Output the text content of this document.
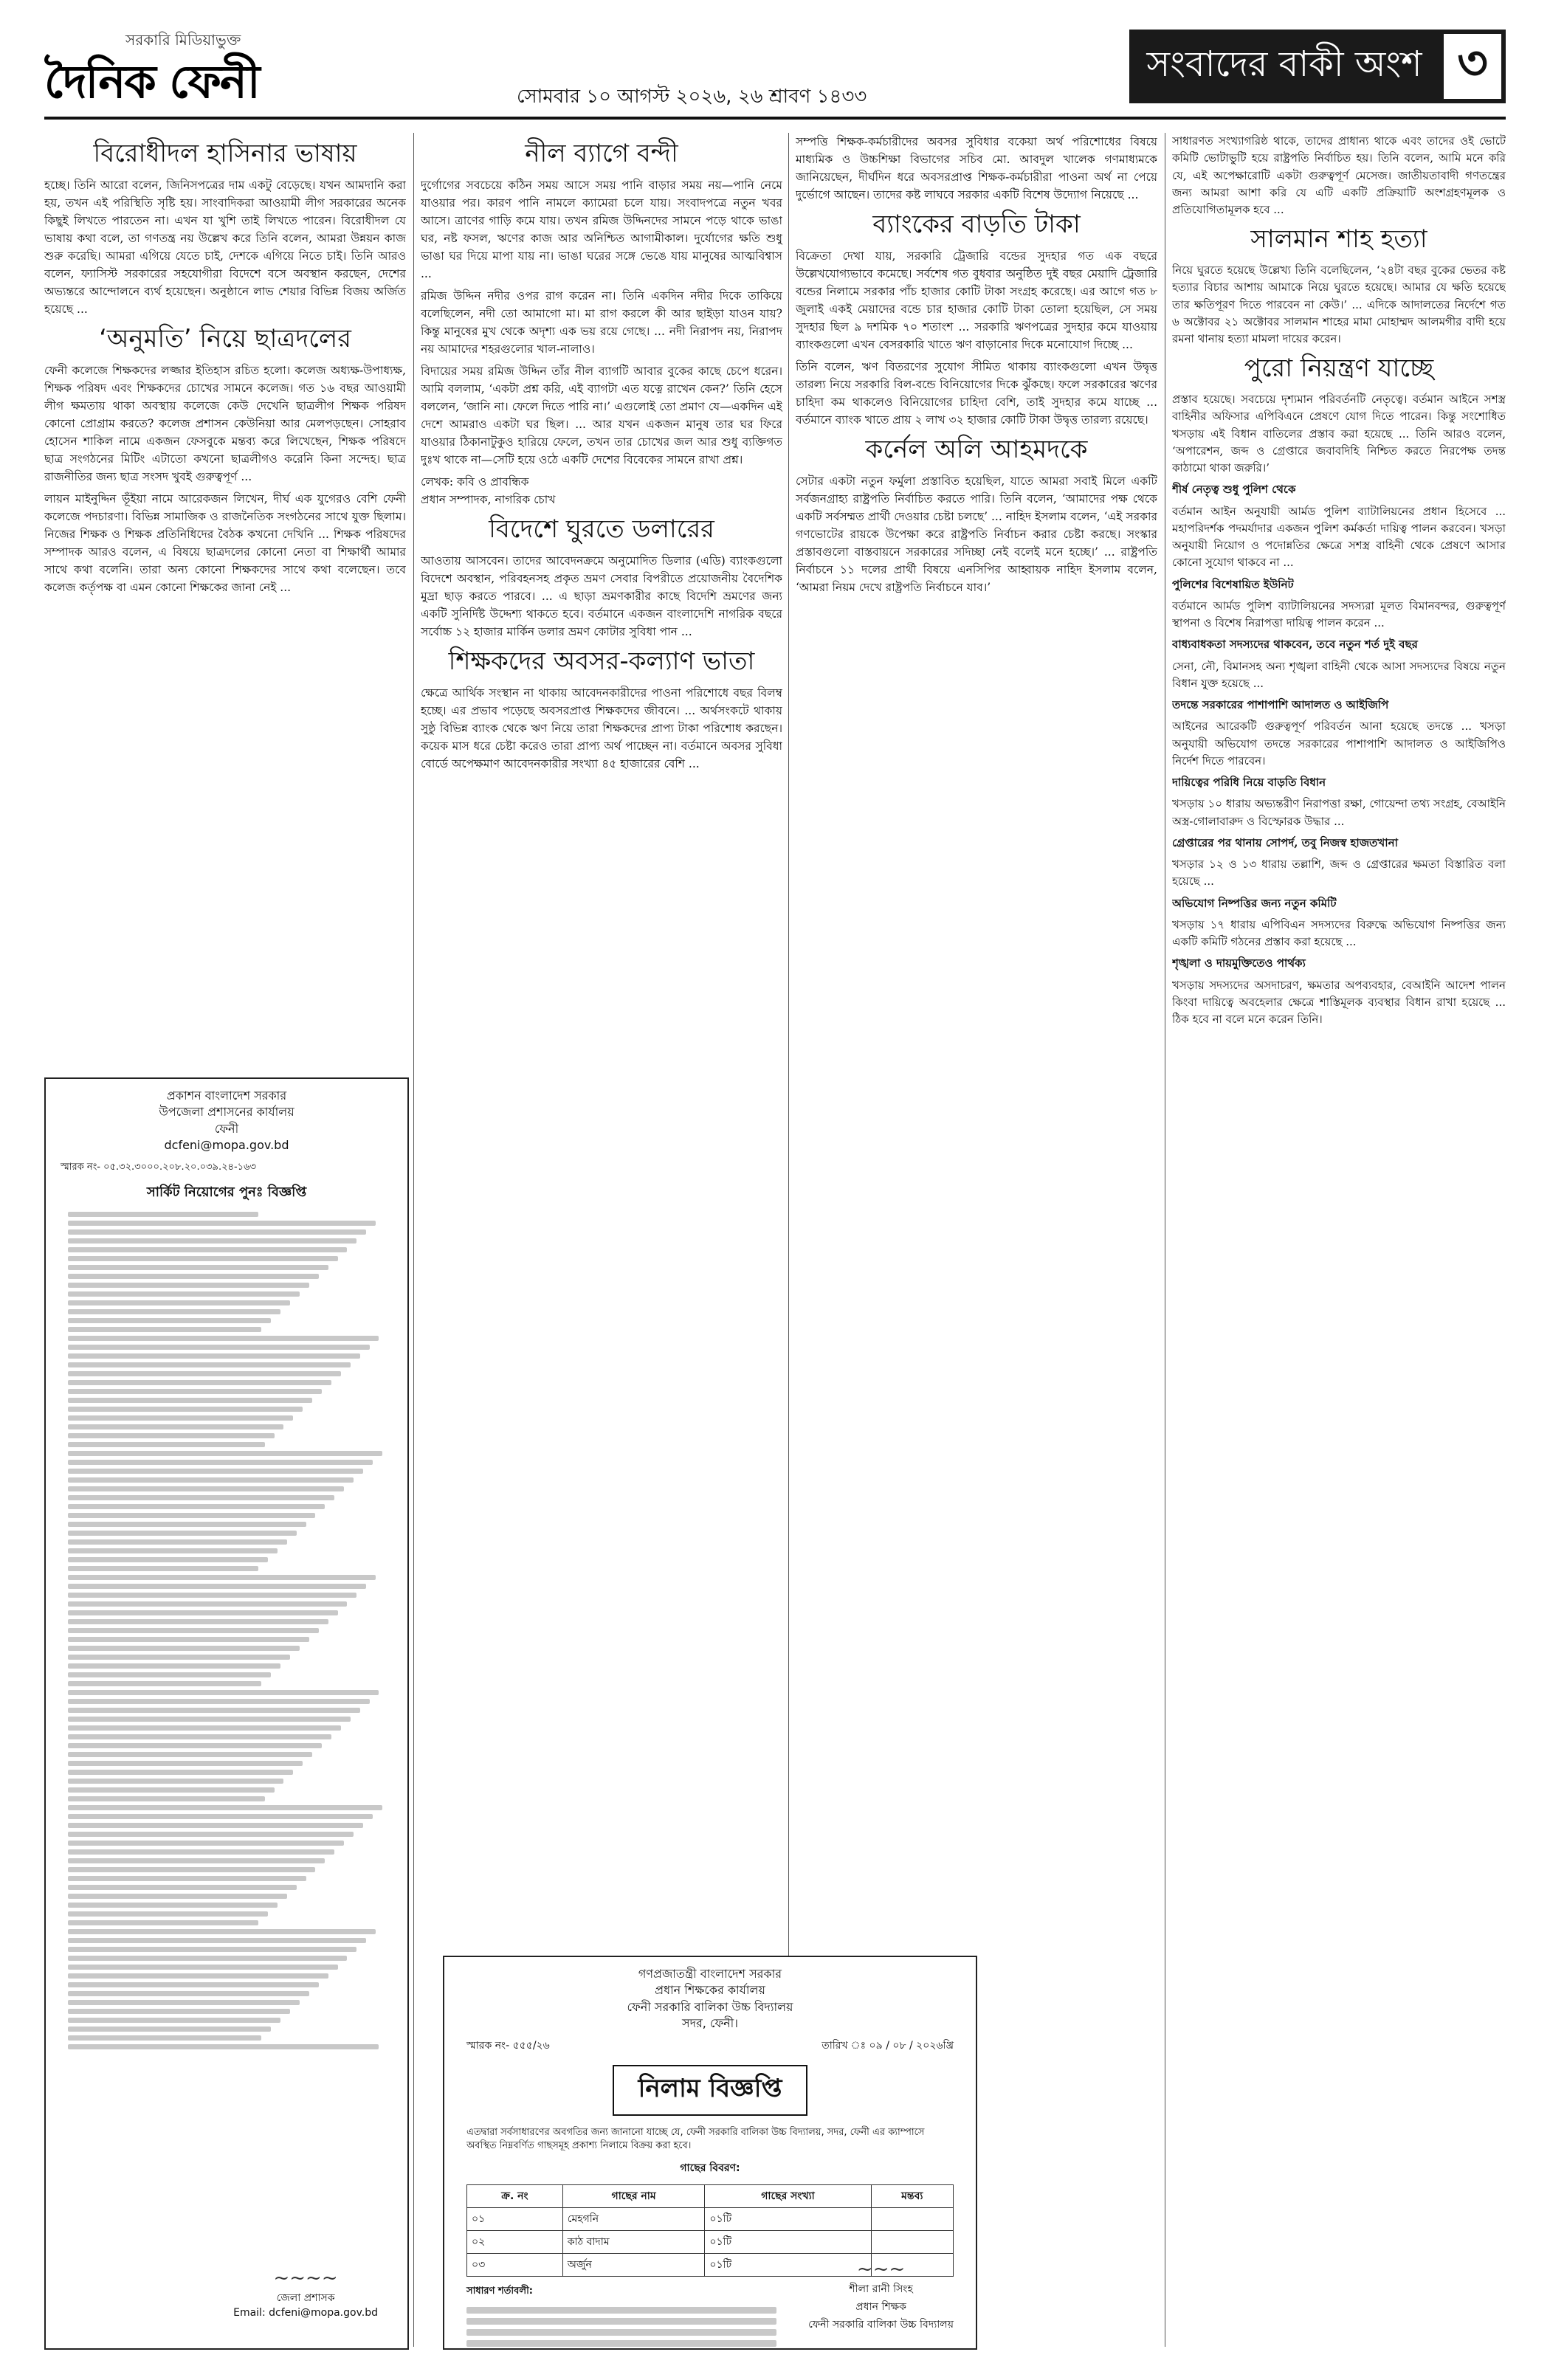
সরকারি মিডিয়াভুক্ত
দৈনিক ফেনী	সোমবার ১০ আগস্ট ২০২৬, ২৬ শ্রাবণ ১৪৩৩
সংবাদের বাকী অংশ ৩
বিরোধীদল হাসিনার ভাষায়

হচ্ছে। তিনি আরো বলেন, জিনিসপত্রের দাম একটু বেড়েছে। যখন আমদানি করা হয়, তখন এই পরিস্থিতি সৃষ্টি হয়। সাংবাদিকরা আওয়ামী লীগ সরকারের অনেক কিছুই লিখতে পারতেন না। এখন যা খুশি তাই লিখতে পারেন। বিরোধীদল যে ভাষায় কথা বলে, তা গণতন্ত্র নয় উল্লেখ করে তিনি বলেন, আমরা উন্নয়ন কাজ শুরু করেছি। আমরা এগিয়ে যেতে চাই, দেশকে এগিয়ে নিতে চাই। তিনি আরও বলেন, ফ্যাসিস্ট সরকারের সহযোগীরা বিদেশে বসে অবস্থান করছেন, দেশের অভ্যন্তরে আন্দোলনে ব্যর্থ হয়েছেন। অনুষ্ঠানে লাভ শেয়ার বিভিন্ন বিজয় অর্জিত হয়েছে ...

‘অনুমতি’ নিয়ে ছাত্রদলের

ফেনী কলেজে শিক্ষকদের লজ্জার ইতিহাস রচিত হলো। কলেজ অধ্যক্ষ-উপাধ্যক্ষ, শিক্ষক পরিষদ এবং শিক্ষকদের চোখের সামনে কলেজ। গত ১৬ বছর আওয়ামী লীগ ক্ষমতায় থাকা অবস্থায় কলেজে কেউ দেখেনি ছাত্রলীগ শিক্ষক পরিষদ কোনো প্রোগ্রাম করতে? কলেজ প্রশাসন কেউনিয়া আর মেলপড়ছেন। সোহরাব হোসেন শাকিল নামে একজন ফেসবুকে মন্তব্য করে লিখেছেন, শিক্ষক পরিষদে ছাত্র সংগঠনের মিটিং এটাতো কখনো ছাত্রলীগও করেনি কিনা সন্দেহ। ছাত্র রাজনীতির জন্য ছাত্র সংসদ খুবই গুরুত্বপূর্ণ ...

লায়ন মাইনুদ্দিন ভূঁইয়া নামে আরেকজন লিখেন, দীর্ঘ এক যুগেরও বেশি ফেনী কলেজে পদচারণা। বিভিন্ন সামাজিক ও রাজনৈতিক সংগঠনের সাথে যুক্ত ছিলাম। নিজের শিক্ষক ও শিক্ষক প্রতিনিধিদের বৈঠক কখনো দেখিনি ... শিক্ষক পরিষদের সম্পাদক আরও বলেন, এ বিষয়ে ছাত্রদলের কোনো নেতা বা শিক্ষার্থী আমার সাথে কথা বলেনি। তারা অন্য কোনো শিক্ষকদের সাথে কথা বলেছেন। তবে কলেজ কর্তৃপক্ষ বা এমন কোনো শিক্ষকের জানা নেই ...

প্রকাশন বাংলাদেশ সরকার
উপজেলা প্রশাসনের কার্যালয়
ফেনী
dcfeni@mopa.gov.bd
স্মারক নং- ০৫.৩২.৩০০০.২০৮.২০.০৩৯.২৪-১৬৩
সার্কিট নিয়োগের পুনঃ বিজ্ঞপ্তি
~~~~
জেলা প্রশাসক
Email: dcfeni@mopa.gov.bd
নীল ব্যাগে বন্দী

দুর্গোগের সবচেয়ে কঠিন সময় আসে সময় পানি বাড়ার সময় নয়—পানি নেমে যাওয়ার পর। কারণ পানি নামলে ক্যামেরা চলে যায়। সংবাদপত্রে নতুন খবর আসে। ত্রাণের গাড়ি কমে যায়। তখন রমিজ উদ্দিনদের সামনে পড়ে থাকে ভাঙা ঘর, নষ্ট ফসল, ঋণের কাজ আর অনিশ্চিত আগামীকাল। দুর্যোগের ক্ষতি শুধু ভাঙা ঘর দিয়ে মাপা যায় না। ভাঙা ঘরের সঙ্গে ভেঙে যায় মানুষের আত্মবিশ্বাস ...

রমিজ উদ্দিন নদীর ওপর রাগ করেন না। তিনি একদিন নদীর দিকে তাকিয়ে বলেছিলেন, নদী তো আমাগো মা। মা রাগ করলে কী আর ছাইড়া যাওন যায়? কিন্তু মানুষের মুখ থেকে অদৃশ্য এক ভয় রয়ে গেছে। ... নদী নিরাপদ নয়, নিরাপদ নয় আমাদের শহরগুলোর খাল-নালাও।

বিদায়ের সময় রমিজ উদ্দিন তাঁর নীল ব্যাগটি আবার বুকের কাছে চেপে ধরেন। আমি বললাম, ‘একটা প্রশ্ন করি, এই ব্যাগটা এত যত্নে রাখেন কেন?’ তিনি হেসে বললেন, ‘জানি না। ফেলে দিতে পারি না।’ এগুলোই তো প্রমাণ যে—একদিন এই দেশে আমরাও একটা ঘর ছিল। ... আর যখন একজন মানুষ তার ঘর ফিরে যাওয়ার ঠিকানাটুকুও হারিয়ে ফেলে, তখন তার চোখের জল আর শুধু ব্যক্তিগত দুঃখ থাকে না—সেটি হয়ে ওঠে একটি দেশের বিবেকের সামনে রাখা প্রশ্ন।

লেখক: কবি ও প্রাবন্ধিক
প্রধান সম্পাদক, নাগরিক চোখ

বিদেশে ঘুরতে ডলারের

আওতায় আসবেন। তাদের আবেদনক্রমে অনুমোদিত ডিলার (এডি) ব্যাংকগুলো বিদেশে অবস্থান, পরিবহনসহ প্রকৃত ভ্রমণ সেবার বিপরীতে প্রয়োজনীয় বৈদেশিক মুদ্রা ছাড় করতে পারবে। ... এ ছাড়া ভ্রমণকারীর কাছে বিদেশি ভ্রমণের জন্য একটি সুনির্দিষ্ট উদ্দেশ্য থাকতে হবে। বর্তমানে একজন বাংলাদেশি নাগরিক বছরে সর্বোচ্চ ১২ হাজার মার্কিন ডলার ভ্রমণ কোটার সুবিধা পান ...

শিক্ষকদের অবসর-কল্যাণ ভাতা

ক্ষেত্রে আর্থিক সংস্থান না থাকায় আবেদনকারীদের পাওনা পরিশোধে বছর বিলম্ব হচ্ছে। এর প্রভাব পড়েছে অবসরপ্রাপ্ত শিক্ষকদের জীবনে। ... অর্থসংকটে থাকায় সুষ্ঠু বিভিন্ন ব্যাংক থেকে ঋণ নিয়ে তারা শিক্ষকদের প্রাপ্য টাকা পরিশোধ করছেন। কয়েক মাস ধরে চেষ্টা করেও তারা প্রাপ্য অর্থ পাচ্ছেন না। বর্তমানে অবসর সুবিধা বোর্ডে অপেক্ষমাণ আবেদনকারীর সংখ্যা ৪৫ হাজারের বেশি ...

সম্পত্তি শিক্ষক-কর্মচারীদের অবসর সুবিধার বকেয়া অর্থ পরিশোধের বিষয়ে মাধ্যমিক ও উচ্চশিক্ষা বিভাগের সচিব মো. আবদুল খালেক গণমাধ্যমকে জানিয়েছেন, দীর্ঘদিন ধরে অবসরপ্রাপ্ত শিক্ষক-কর্মচারীরা পাওনা অর্থ না পেয়ে দুর্ভোগে আছেন। তাদের কষ্ট লাঘবে সরকার একটি বিশেষ উদ্যোগ নিয়েছে ...

ব্যাংকের বাড়তি টাকা

বিক্রেতা দেখা যায়, সরকারি ট্রেজারি বন্ডের সুদহার গত এক বছরে উল্লেখযোগ্যভাবে কমেছে। সর্বশেষ গত বুধবার অনুষ্ঠিত দুই বছর মেয়াদি ট্রেজারি বন্ডের নিলামে সরকার পাঁচ হাজার কোটি টাকা সংগ্রহ করেছে। এর আগে গত ৮ জুলাই একই মেয়াদের বন্ডে চার হাজার কোটি টাকা তোলা হয়েছিল, সে সময় সুদহার ছিল ৯ দশমিক ৭০ শতাংশ ... সরকারি ঋণপত্রের সুদহার কমে যাওয়ায় ব্যাংকগুলো এখন বেসরকারি খাতে ঋণ বাড়ানোর দিকে মনোযোগ দিচ্ছে ...

তিনি বলেন, ঋণ বিতরণের সুযোগ সীমিত থাকায় ব্যাংকগুলো এখন উদ্বৃত্ত তারল্য নিয়ে সরকারি বিল-বন্ডে বিনিয়োগের দিকে ঝুঁকছে। ফলে সরকারের ঋণের চাহিদা কম থাকলেও বিনিয়োগের চাহিদা বেশি, তাই সুদহার কমে যাচ্ছে ... বর্তমানে ব্যাংক খাতে প্রায় ২ লাখ ৩২ হাজার কোটি টাকা উদ্বৃত্ত তারল্য রয়েছে।

কর্নেল অলি আহমদকে

সেটার একটা নতুন ফর্মুলা প্রস্তাবিত হয়েছিল, যাতে আমরা সবাই মিলে একটি সর্বজনগ্রাহ্য রাষ্ট্রপতি নির্বাচিত করতে পারি। তিনি বলেন, ‘আমাদের পক্ষ থেকে একটি সর্বসম্মত প্রার্থী দেওয়ার চেষ্টা চলছে’ ... নাহিদ ইসলাম বলেন, ‘এই সরকার গণভোটের রায়কে উপেক্ষা করে রাষ্ট্রপতি নির্বাচন করার চেষ্টা করছে। সংস্কার প্রস্তাবগুলো বাস্তবায়নে সরকারের সদিচ্ছা নেই বলেই মনে হচ্ছে।’ ... রাষ্ট্রপতি নির্বাচনে ১১ দলের প্রার্থী বিষয়ে এনসিপির আহ্বায়ক নাহিদ ইসলাম বলেন, ‘আমরা নিয়ম দেখে রাষ্ট্রপতি নির্বাচনে যাব।’

গণপ্রজাতন্ত্রী বাংলাদেশ সরকার
প্রধান শিক্ষকের কার্যালয়
ফেনী সরকারি বালিকা উচ্চ বিদ্যালয়
সদর, ফেনী।
স্মারক নং- ৫৫৫/২৬	তারিখ ঃ ০৯ / ০৮ / ২০২৬খ্রি
নিলাম বিজ্ঞপ্তি
এতদ্বারা সর্বসাধারণের অবগতির জন্য জানানো যাচ্ছে যে, ফেনী সরকারি বালিকা উচ্চ বিদ্যালয়, সদর, ফেনী এর ক্যাম্পাসে অবস্থিত নিম্নবর্ণিত গাছসমূহ প্রকাশ্য নিলামে বিক্রয় করা হবে।
গাছের বিবরণ:
ক্র. নং	গাছের নাম	গাছের সংখ্যা	মন্তব্য
০১	মেহগনি	০১টি	
০২	কাঠ বাদাম	০১টি	
০৩	অর্জুন	০১টি	
সাধারণ শর্তাবলী:
~~~
শীলা রানী সিংহ
প্রধান শিক্ষক
ফেনী সরকারি বালিকা উচ্চ বিদ্যালয়

সাধারণত সংখ্যাগরিষ্ঠ থাকে, তাদের প্রাধান্য থাকে এবং তাদের ওই ভোটে কমিটি ভোটাভুটি হয়ে রাষ্ট্রপতি নির্বাচিত হয়। তিনি বলেন, আমি মনে করি যে, এই অপেক্ষারোটি একটা গুরুত্বপূর্ণ মেসেজ। জাতীয়তাবাদী গণতন্ত্রের জন্য আমরা আশা করি যে এটি একটি প্রক্রিয়াটি অংশগ্রহণমূলক ও প্রতিযোগিতামূলক হবে ...

সালমান শাহ হত্যা

নিয়ে ঘুরতে হয়েছে উল্লেখ্য তিনি বলেছিলেন, ‘২৪টা বছর বুকের ভেতর কষ্ট হত্যার বিচার আশায় আমাকে নিয়ে ঘুরতে হয়েছে। আমার যে ক্ষতি হয়েছে তার ক্ষতিপূরণ দিতে পারবেন না কেউ।’ ... এদিকে আদালতের নির্দেশে গত ৬ অক্টোবর ২১ অক্টোবর সালমান শাহের মামা মোহাম্মদ আলমগীর বাদী হয়ে রমনা থানায় হত্যা মামলা দায়ের করেন।

পুরো নিয়ন্ত্রণ যাচ্ছে

প্রস্তাব হয়েছে। সবচেয়ে দৃশ্যমান পরিবর্তনটি নেতৃত্বে। বর্তমান আইনে সশস্ত্র বাহিনীর অফিসার এপিবিএনে প্রেষণে যোগ দিতে পারেন। কিন্তু সংশোধিত খসড়ায় এই বিধান বাতিলের প্রস্তাব করা হয়েছে ... তিনি আরও বলেন, ‘অপারেশন, জব্দ ও গ্রেপ্তারে জবাবদিহি নিশ্চিত করতে নিরপেক্ষ তদন্ত কাঠামো থাকা জরুরি।’

শীর্ষ নেতৃত্ব শুধু পুলিশ থেকে

বর্তমান আইন অনুযায়ী আর্মড পুলিশ ব্যাটালিয়নের প্রধান হিসেবে ... মহাপরিদর্শক পদমর্যাদার একজন পুলিশ কর্মকর্তা দায়িত্ব পালন করবেন। খসড়া অনুযায়ী নিয়োগ ও পদোন্নতির ক্ষেত্রে সশস্ত্র বাহিনী থেকে প্রেষণে আসার কোনো সুযোগ থাকবে না ...

পুলিশের বিশেষায়িত ইউনিট

বর্তমানে আর্মড পুলিশ ব্যাটালিয়নের সদস্যরা মূলত বিমানবন্দর, গুরুত্বপূর্ণ স্থাপনা ও বিশেষ নিরাপত্তা দায়িত্ব পালন করেন ...

বাধ্যবাধকতা সদস্যদের থাকবেন, তবে নতুন শর্ত দুই বছর

সেনা, নৌ, বিমানসহ অন্য শৃঙ্খলা বাহিনী থেকে আসা সদস্যদের বিষয়ে নতুন বিধান যুক্ত হয়েছে ...

তদন্তে সরকারের পাশাপাশি আদালত ও আইজিপি

আইনের আরেকটি গুরুত্বপূর্ণ পরিবর্তন আনা হয়েছে তদন্তে ... খসড়া অনুযায়ী অভিযোগ তদন্তে সরকারের পাশাপাশি আদালত ও আইজিপিও নির্দেশ দিতে পারবেন।

দায়িত্বের পরিধি নিয়ে বাড়তি বিধান

খসড়ায় ১০ ধারায় অভ্যন্তরীণ নিরাপত্তা রক্ষা, গোয়েন্দা তথ্য সংগ্রহ, বেআইনি অস্ত্র-গোলাবারুদ ও বিস্ফোরক উদ্ধার ...

গ্রেপ্তারের পর থানায় সোপর্দ, তবু নিজস্ব হাজতখানা

খসড়ার ১২ ও ১৩ ধারায় তল্লাশি, জব্দ ও গ্রেপ্তারের ক্ষমতা বিস্তারিত বলা হয়েছে ...

অভিযোগ নিষ্পত্তির জন্য নতুন কমিটি

খসড়ায় ১৭ ধারায় এপিবিএন সদস্যদের বিরুদ্ধে অভিযোগ নিষ্পত্তির জন্য একটি কমিটি গঠনের প্রস্তাব করা হয়েছে ...

শৃঙ্খলা ও দায়মুক্তিতেও পার্থক্য

খসড়ায় সদস্যদের অসদাচরণ, ক্ষমতার অপব্যবহার, বেআইনি আদেশ পালন কিংবা দায়িত্বে অবহেলার ক্ষেত্রে শাস্তিমূলক ব্যবস্থার বিধান রাখা হয়েছে ... ঠিক হবে না বলে মনে করেন তিনি।
